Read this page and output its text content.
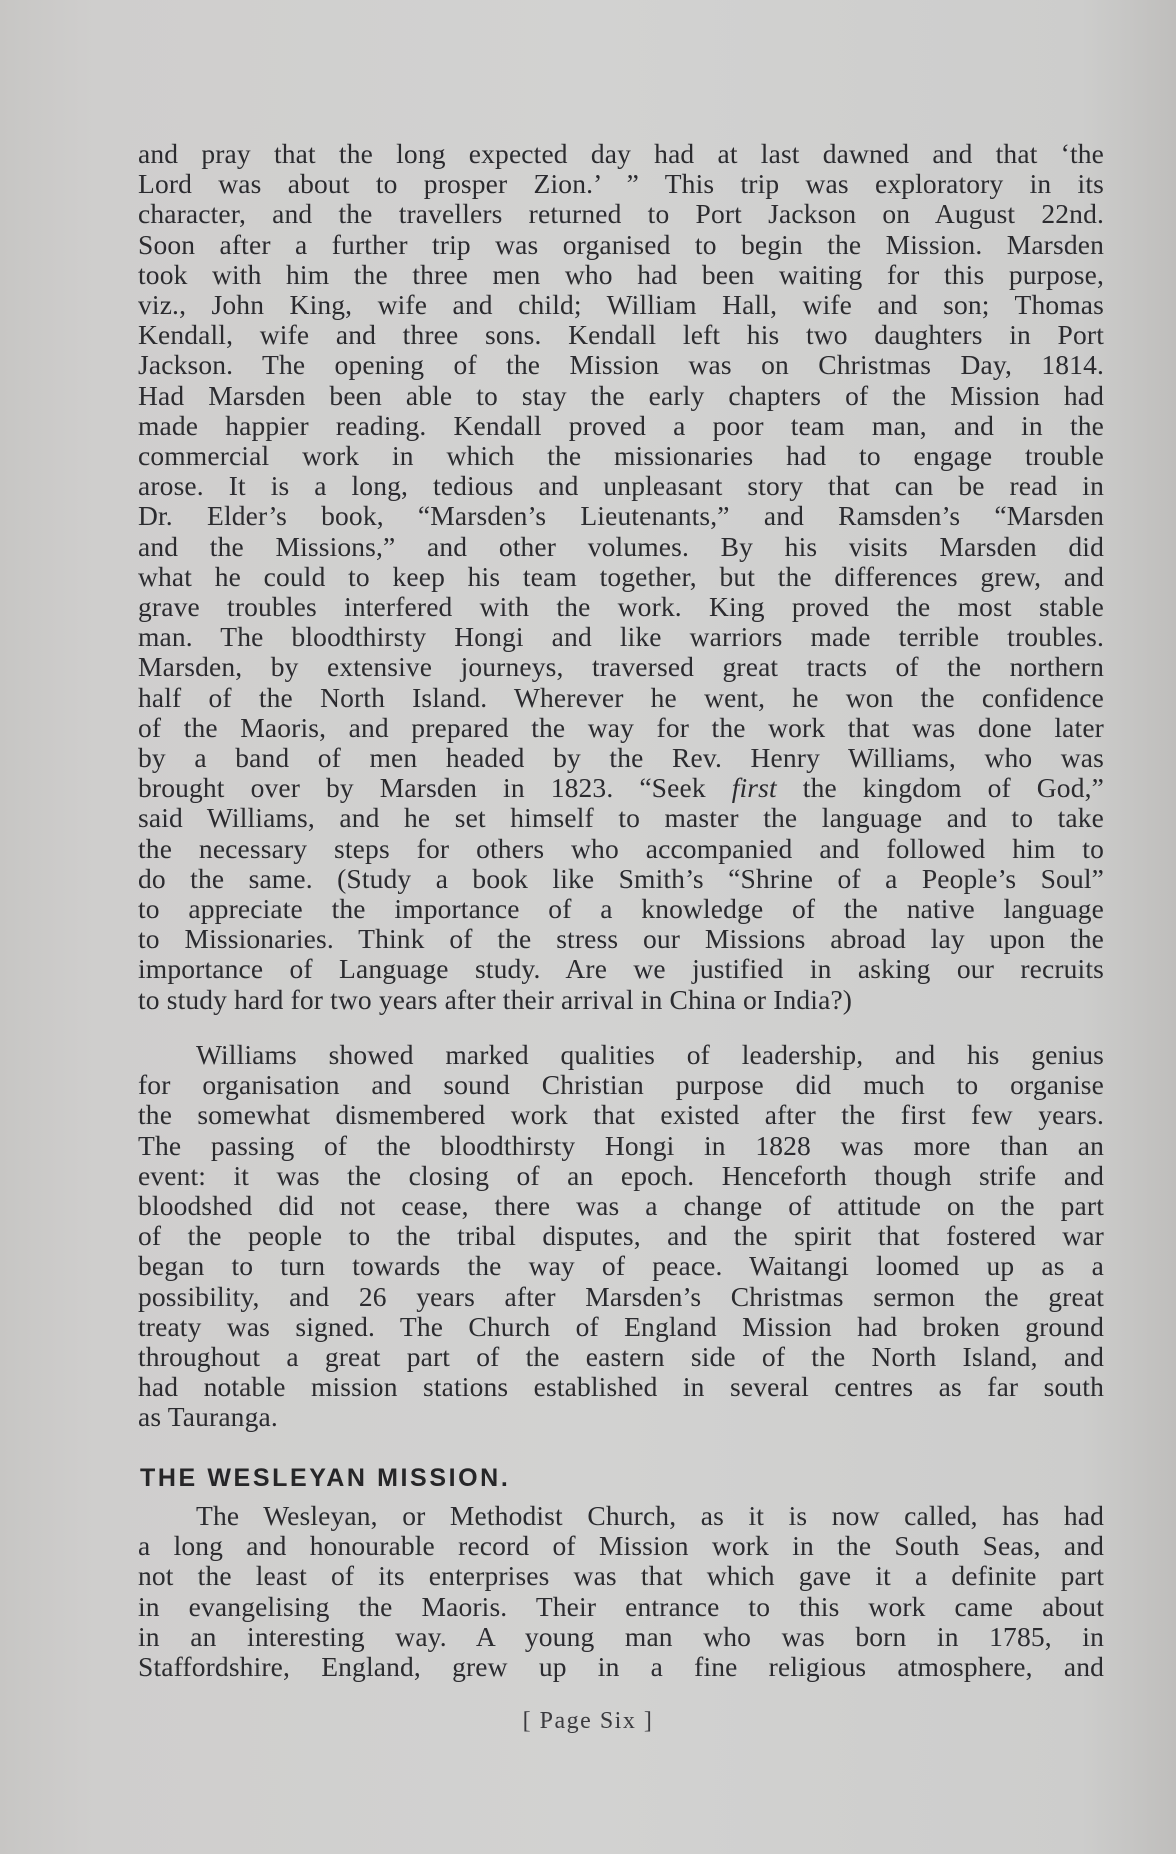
and pray that the long expected day had at last dawned and that ‘the
Lord was about to prosper Zion.’ ” This trip was exploratory in its
character, and the travellers returned to Port Jackson on August 22nd.
Soon after a further trip was organised to begin the Mission. Marsden
took with him the three men who had been waiting for this purpose,
viz., John King, wife and child; William Hall, wife and son; Thomas
Kendall, wife and three sons. Kendall left his two daughters in Port
Jackson. The opening of the Mission was on Christmas Day, 1814.
Had Marsden been able to stay the early chapters of the Mission had
made happier reading. Kendall proved a poor team man, and in the
commercial work in which the missionaries had to engage trouble
arose. It is a long, tedious and unpleasant story that can be read in
Dr. Elder’s book, “Marsden’s Lieutenants,” and Ramsden’s “Marsden
and the Missions,” and other volumes. By his visits Marsden did
what he could to keep his team together, but the differences grew, and
grave troubles interfered with the work. King proved the most stable
man. The bloodthirsty Hongi and like warriors made terrible troubles.
Marsden, by extensive journeys, traversed great tracts of the northern
half of the North Island. Wherever he went, he won the confidence
of the Maoris, and prepared the way for the work that was done later
by a band of men headed by the Rev. Henry Williams, who was
brought over by Marsden in 1823. “Seek first the kingdom of God,”
said Williams, and he set himself to master the language and to take
the necessary steps for others who accompanied and followed him to
do the same. (Study a book like Smith’s “Shrine of a People’s Soul”
to appreciate the importance of a knowledge of the native language
to Missionaries. Think of the stress our Missions abroad lay upon the
importance of Language study. Are we justified in asking our recruits
to study hard for two years after their arrival in China or India?)

Williams showed marked qualities of leadership, and his genius
for organisation and sound Christian purpose did much to organise
the somewhat dismembered work that existed after the first few years.
The passing of the bloodthirsty Hongi in 1828 was more than an
event: it was the closing of an epoch. Henceforth though strife and
bloodshed did not cease, there was a change of attitude on the part
of the people to the tribal disputes, and the spirit that fostered war
began to turn towards the way of peace. Waitangi loomed up as a
possibility, and 26 years after Marsden’s Christmas sermon the great
treaty was signed. The Church of England Mission had broken ground
throughout a great part of the eastern side of the North Island, and
had notable mission stations established in several centres as far south
as Tauranga.

THE WESLEYAN MISSION.

The Wesleyan, or Methodist Church, as it is now called, has had
a long and honourable record of Mission work in the South Seas, and
not the least of its enterprises was that which gave it a definite part
in evangelising the Maoris. Their entrance to this work came about
in an interesting way. A young man who was born in 1785, in
Staffordshire, England, grew up in a fine religious atmosphere, and

[ Page Six ]
